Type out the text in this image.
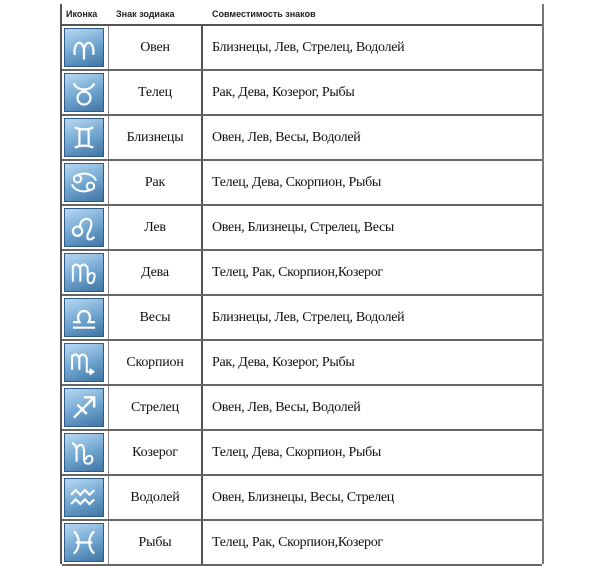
Иконка Знак зодиака	Совместимость знаков
Овен	Близнецы, Лев, Стрелец, Водолей
Телец	Рак, Дева, Козерог, Рыбы
Близнецы	Овен, Лев, Весы, Водолей
Рак	Телец, Дева, Скорпион, Рыбы
Лев	Овен, Близнецы, Стрелец, Весы
Дева	Телец, Рак, Скорпион,Козерог
Весы	Близнецы, Лев, Стрелец, Водолей
Скорпион	Рак, Дева, Козерог, Рыбы
Стрелец	Овен, Лев, Весы, Водолей
Козерог	Телец, Дева, Скорпион, Рыбы
Водолей	Овен, Близнецы, Весы, Стрелец
Рыбы	Телец, Рак, Скорпион,Козерог
